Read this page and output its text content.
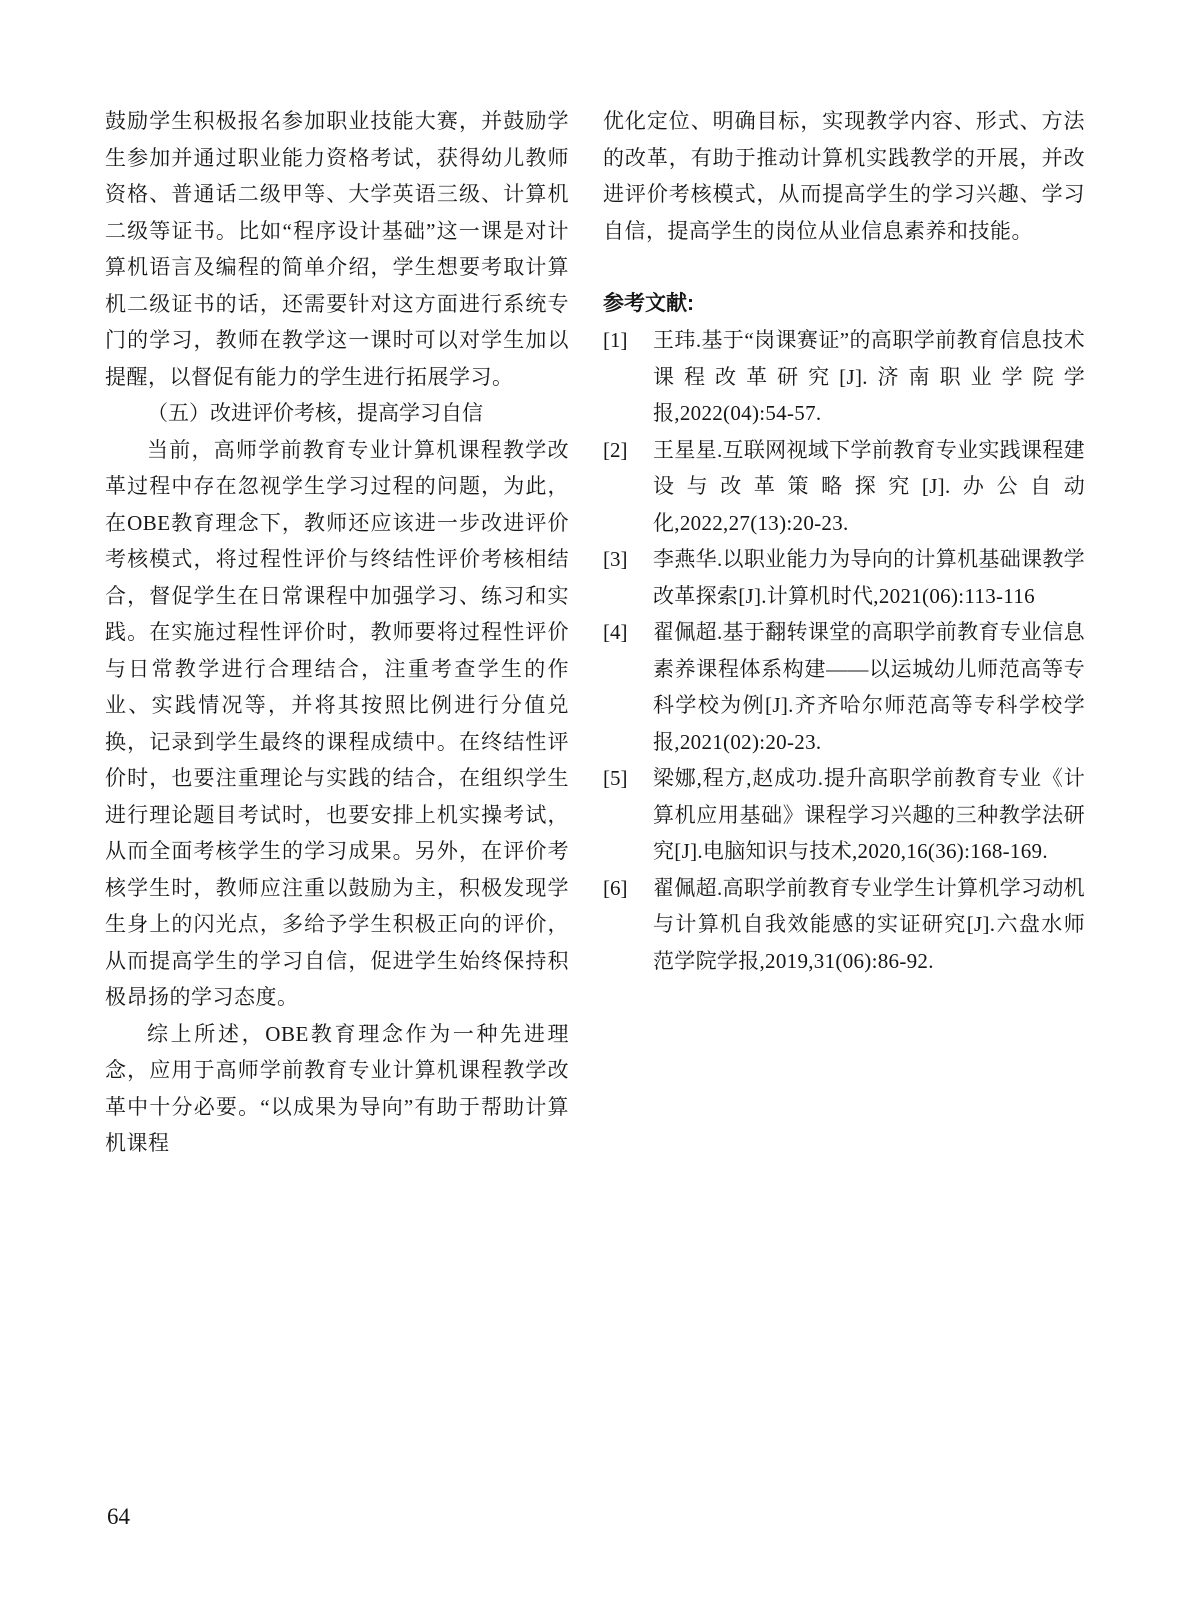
鼓励学生积极报名参加职业技能大赛，并鼓励学生参加并通过职业能力资格考试，获得幼儿教师资格、普通话二级甲等、大学英语三级、计算机二级等证书。比如“程序设计基础”这一课是对计算机语言及编程的简单介绍，学生想要考取计算机二级证书的话，还需要针对这方面进行系统专门的学习，教师在教学这一课时可以对学生加以提醒，以督促有能力的学生进行拓展学习。

（五）改进评价考核，提高学习自信

当前，高师学前教育专业计算机课程教学改革过程中存在忽视学生学习过程的问题，为此，在OBE教育理念下，教师还应该进一步改进评价考核模式，将过程性评价与终结性评价考核相结合，督促学生在日常课程中加强学习、练习和实践。在实施过程性评价时，教师要将过程性评价与日常教学进行合理结合，注重考查学生的作业、实践情况等，并将其按照比例进行分值兑换，记录到学生最终的课程成绩中。在终结性评价时，也要注重理论与实践的结合，在组织学生进行理论题目考试时，也要安排上机实操考试，从而全面考核学生的学习成果。另外，在评价考核学生时，教师应注重以鼓励为主，积极发现学生身上的闪光点，多给予学生积极正向的评价，从而提高学生的学习自信，促进学生始终保持积极昂扬的学习态度。

综上所述，OBE教育理念作为一种先进理念，应用于高师学前教育专业计算机课程教学改革中十分必要。“以成果为导向”有助于帮助计算机课程

优化定位、明确目标，实现教学内容、形式、方法的改革，有助于推动计算机实践教学的开展，并改进评价考核模式，从而提高学生的学习兴趣、学习自信，提高学生的岗位从业信息素养和技能。

参考文献:

[1]	王玮.基于“岗课赛证”的高职学前教育信息技术课程改革研究[J].济南职业学院学报,2022(04):54-57.
[2]	王星星.互联网视域下学前教育专业实践课程建设与改革策略探究[J].办公自动化,2022,27(13):20-23.
[3]	李燕华.以职业能力为导向的计算机基础课教学改革探索[J].计算机时代,2021(06):113-116
[4]	翟佩超.基于翻转课堂的高职学前教育专业信息素养课程体系构建——以运城幼儿师范高等专科学校为例[J].齐齐哈尔师范高等专科学校学报,2021(02):20-23.
[5]	梁娜,程方,赵成功.提升高职学前教育专业《计算机应用基础》课程学习兴趣的三种教学法研究[J].电脑知识与技术,2020,16(36):168-169.
[6]	翟佩超.高职学前教育专业学生计算机学习动机与计算机自我效能感的实证研究[J].六盘水师范学院学报,2019,31(06):86-92.
64
